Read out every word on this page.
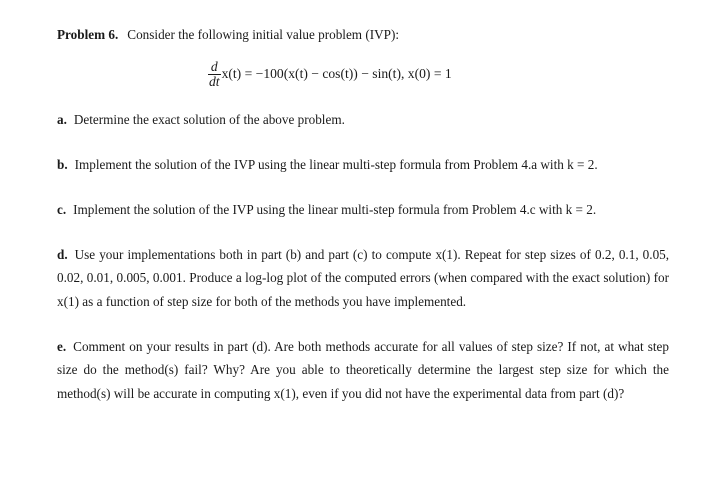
Problem 6. Consider the following initial value problem (IVP):

$\frac{d}{dt} x(t) = -100(x(t) - \cos(t)) - \sin(t)$, x(0) = 1

a. Determine the exact solution of the above problem.

b. Implement the solution of the IVP using the linear multi-step formula from Problem 4.a with k = 2.

c. Implement the solution of the IVP using the linear multi-step formula from Problem 4.c with k = 2.

d. Use your implementations both in part (b) and part (c) to compute x(1). Repeat for step sizes of 0.2, 0.1, 0.05, 0.02, 0.01, 0.005, 0.001. Produce a log-log plot of the computed errors (when compared with the exact solution) for x(1) as a function of step size for both of the methods you have implemented.

e. Comment on your results in part (d). Are both methods accurate for all values of step size? If not, at what step size do the method(s) fail? Why? Are you able to theoretically determine the largest step size for which the method(s) will be accurate in computing x(1), even if you did not have the experimental data from part (d)?
